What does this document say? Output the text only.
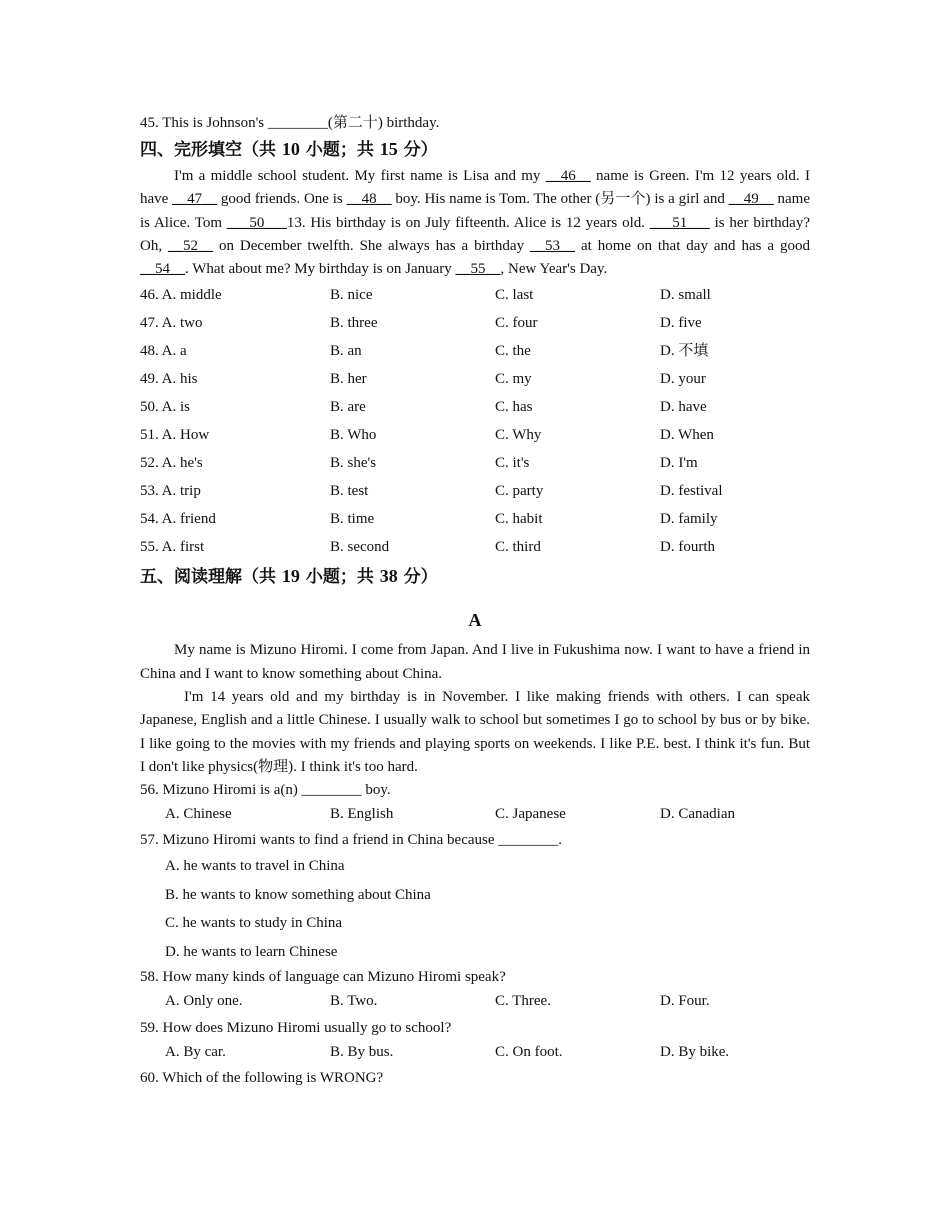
45. This is Johnson's ________(第二十) birthday.
四、完形填空（共 10 小题；共 15 分）
I'm a middle school student. My first name is Lisa and my __46__ name is Green. I'm 12 years old. I have __47__ good friends. One is __48__ boy. His name is Tom. The other (另一个) is a girl and __49__ name is Alice. Tom ___50___13. His birthday is on July fifteenth. Alice is 12 years old. ___51___ is her birthday? Oh, __52__ on December twelfth. She always has a birthday __53__ at home on that day and has a good __54__. What about me? My birthday is on January __55__, New Year's Day.
46. A. middle	B. nice	C. last	D. small
47. A. two	B. three	C. four	D. five
48. A. a	B. an	C. the	D. 不填
49. A. his	B. her	C. my	D. your
50. A. is	B. are	C. has	D. have
51. A. How	B. Who	C. Why	D. When
52. A. he's	B. she's	C. it's	D. I'm
53. A. trip	B. test	C. party	D. festival
54. A. friend	B. time	C. habit	D. family
55. A. first	B. second	C. third	D. fourth
五、阅读理解（共 19 小题；共 38 分）
A
My name is Mizuno Hiromi. I come from Japan. And I live in Fukushima now. I want to have a friend in China and I want to know something about China.
I'm 14 years old and my birthday is in November. I like making friends with others. I can speak Japanese, English and a little Chinese. I usually walk to school but sometimes I go to school by bus or by bike. I like going to the movies with my friends and playing sports on weekends. I like P.E. best. I think it's fun. But I don't like physics(物理). I think it's too hard.
56. Mizuno Hiromi is a(n) ________ boy.
A. Chinese	B. English	C. Japanese	D. Canadian
57. Mizuno Hiromi wants to find a friend in China because ________.
A. he wants to travel in China
B. he wants to know something about China
C. he wants to study in China
D. he wants to learn Chinese
58. How many kinds of language can Mizuno Hiromi speak?
A. Only one.	B. Two.	C. Three.	D. Four.
59. How does Mizuno Hiromi usually go to school?
A. By car.	B. By bus.	C. On foot.	D. By bike.
60. Which of the following is WRONG?
